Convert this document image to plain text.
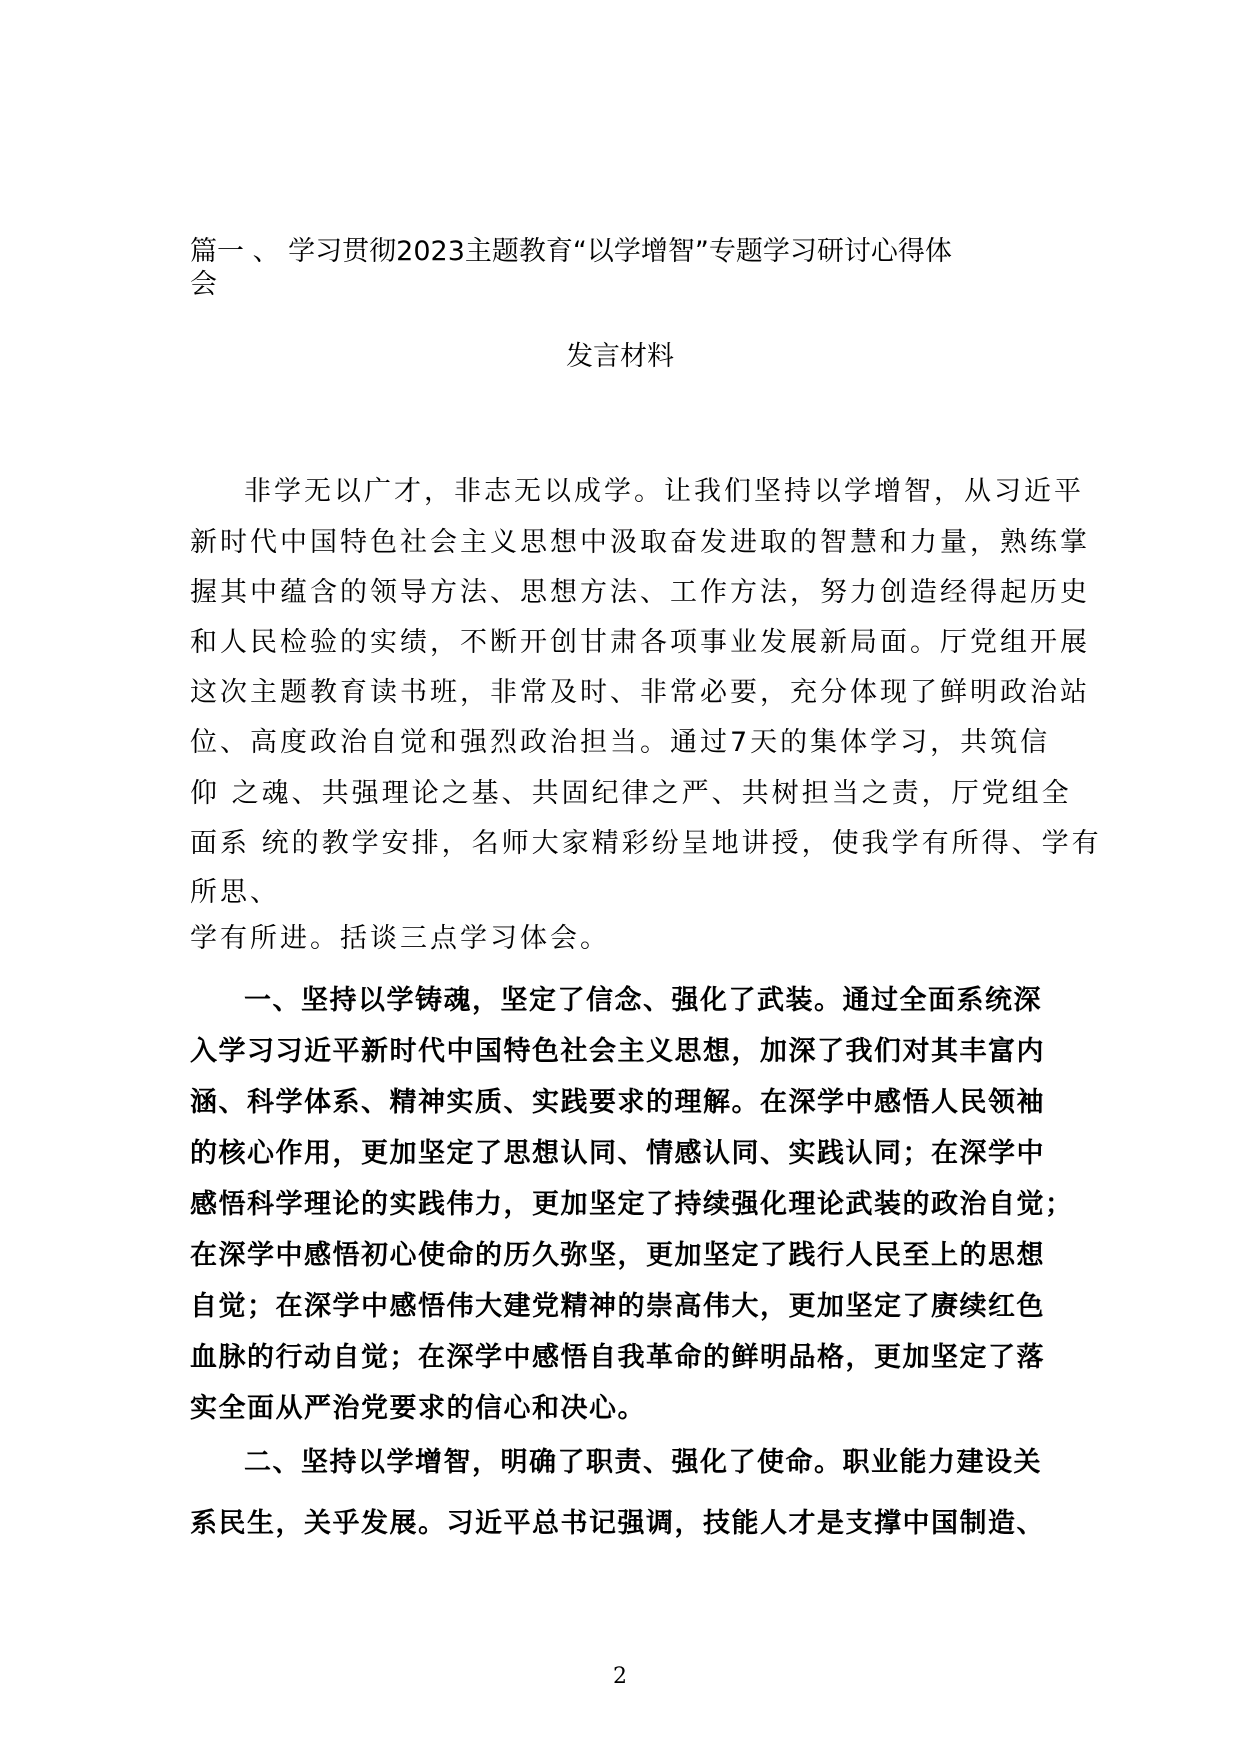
篇一 、 学习贯彻2023主题教育“以学增智”专题学习研讨心得体
会
发言材料
非学无以广才，非志无以成学。让我们坚持以学增智，从习近平
新时代中国特色社会主义思想中汲取奋发进取的智慧和力量，熟练掌
握其中蕴含的领导方法、思想方法、工作方法，努力创造经得起历史
和人民检验的实绩，不断开创甘肃各项事业发展新局面。厅党组开展
这次主题教育读书班，非常及时、非常必要，充分体现了鲜明政治站
位、高度政治自觉和强烈政治担当。通过7天的集体学习，共筑信
仰 之魂、共强理论之基、共固纪律之严、共树担当之责，厅党组全
面系 统的教学安排，名师大家精彩纷呈地讲授，使我学有所得、学有
所思、
学有所进。括谈三点学习体会。
一、坚持以学铸魂，坚定了信念、强化了武装。通过全面系统深
入学习习近平新时代中国特色社会主义思想，加深了我们对其丰富内
涵、科学体系、精神实质、实践要求的理解。在深学中感悟人民领袖
的核心作用，更加坚定了思想认同、情感认同、实践认同；在深学中
感悟科学理论的实践伟力，更加坚定了持续强化理论武装的政治自觉；
在深学中感悟初心使命的历久弥坚，更加坚定了践行人民至上的思想
自觉；在深学中感悟伟大建党精神的崇高伟大，更加坚定了赓续红色
血脉的行动自觉；在深学中感悟自我革命的鲜明品格，更加坚定了落
实全面从严治党要求的信心和决心。
二、坚持以学增智，明确了职责、强化了使命。职业能力建设关
系民生，关乎发展。习近平总书记强调，技能人才是支撑中国制造、
2
